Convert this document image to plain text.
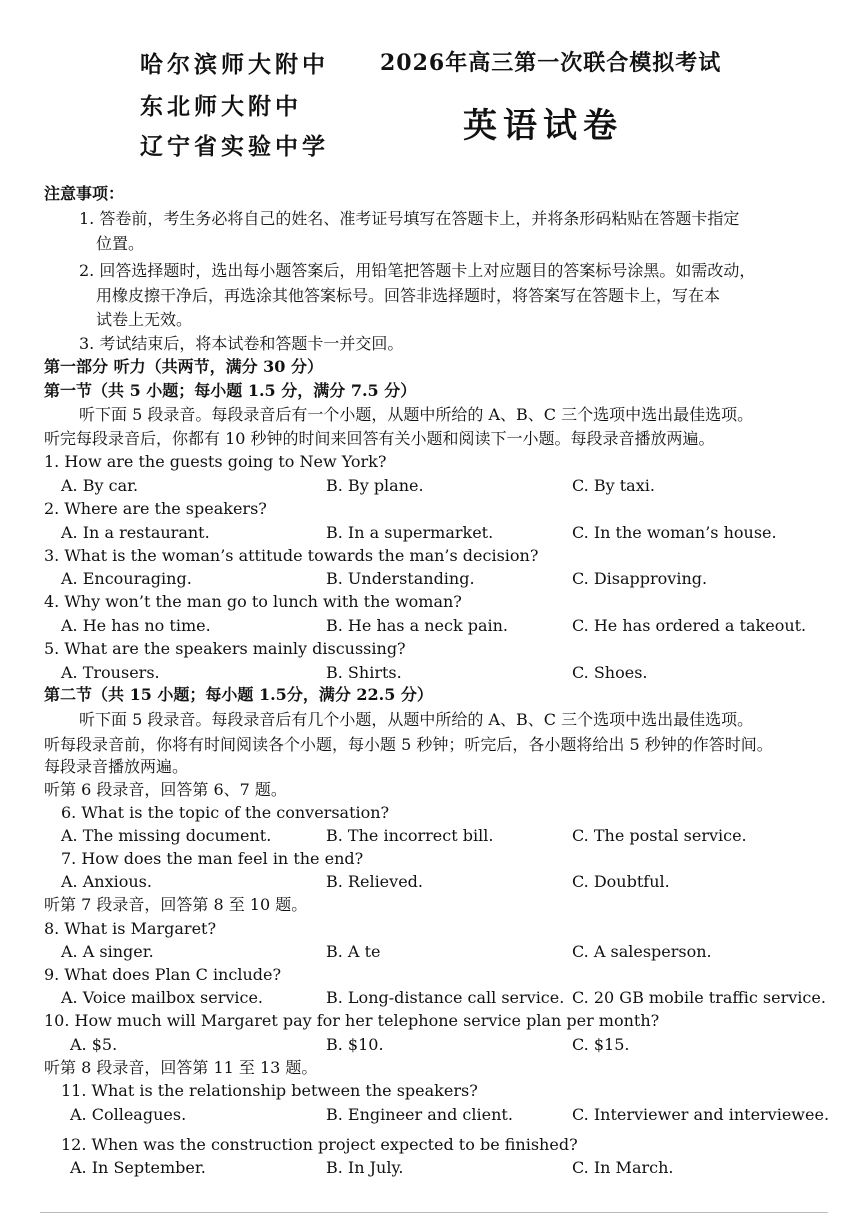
哈尔滨师大附中
东北师大附中
辽宁省实验中学
2026年高三第一次联合模拟考试
英语试卷
注意事项：
1. 答卷前，考生务必将自己的姓名、准考证号填写在答题卡上，并将条形码粘贴在答题卡指定
位置。
2. 回答选择题时，选出每小题答案后，用铅笔把答题卡上对应题目的答案标号涂黑。如需改动，
用橡皮擦干净后，再选涂其他答案标号。回答非选择题时，将答案写在答题卡上，写在本
试卷上无效。
3. 考试结束后，将本试卷和答题卡一并交回。
第一部分 听力（共两节，满分 30 分）
第一节（共 5 小题；每小题 1.5 分，满分 7.5 分）
听下面 5 段录音。每段录音后有一个小题，从题中所给的 A、B、C 三个选项中选出最佳选项。
听完每段录音后，你都有 10 秒钟的时间来回答有关小题和阅读下一小题。每段录音播放两遍。
1. How are the guests going to New York?
A. By car.	B. By plane.	C. By taxi.
2. Where are the speakers?
A. In a restaurant.	B. In a supermarket.	C. In the woman’s house.
3. What is the woman’s attitude towards the man’s decision?
A. Encouraging.	B. Understanding.	C. Disapproving.
4. Why won’t the man go to lunch with the woman?
A. He has no time.	B. He has a neck pain.	C. He has ordered a takeout.
5. What are the speakers mainly discussing?
A. Trousers.	B. Shirts.	C. Shoes.
第二节（共 15 小题；每小题 1.5分，满分 22.5 分）
听下面 5 段录音。每段录音后有几个小题，从题中所给的 A、B、C 三个选项中选出最佳选项。
听每段录音前，你将有时间阅读各个小题，每小题 5 秒钟；听完后，各小题将给出 5 秒钟的作答时间。
每段录音播放两遍。
听第 6 段录音，回答第 6、7 题。
6. What is the topic of the conversation?
A. The missing document.	B. The incorrect bill.	C. The postal service.
7. How does the man feel in the end?
A. Anxious.	B. Relieved.	C. Doubtful.
听第 7 段录音，回答第 8 至 10 题。
8. What is Margaret?
A. A singer.	B. A te	C. A salesperson.
9. What does Plan C include?
A. Voice mailbox service.	B. Long-distance call service. C. 20 GB mobile traffic service.
10. How much will Margaret pay for her telephone service plan per month?
A. $5.	B. $10.	C. $15.
听第 8 段录音，回答第 11 至 13 题。
11. What is the relationship between the speakers?
A. Colleagues.	B. Engineer and client.	C. Interviewer and interviewee.
12. When was the construction project expected to be finished?
A. In September.	B. In July.	C. In March.
